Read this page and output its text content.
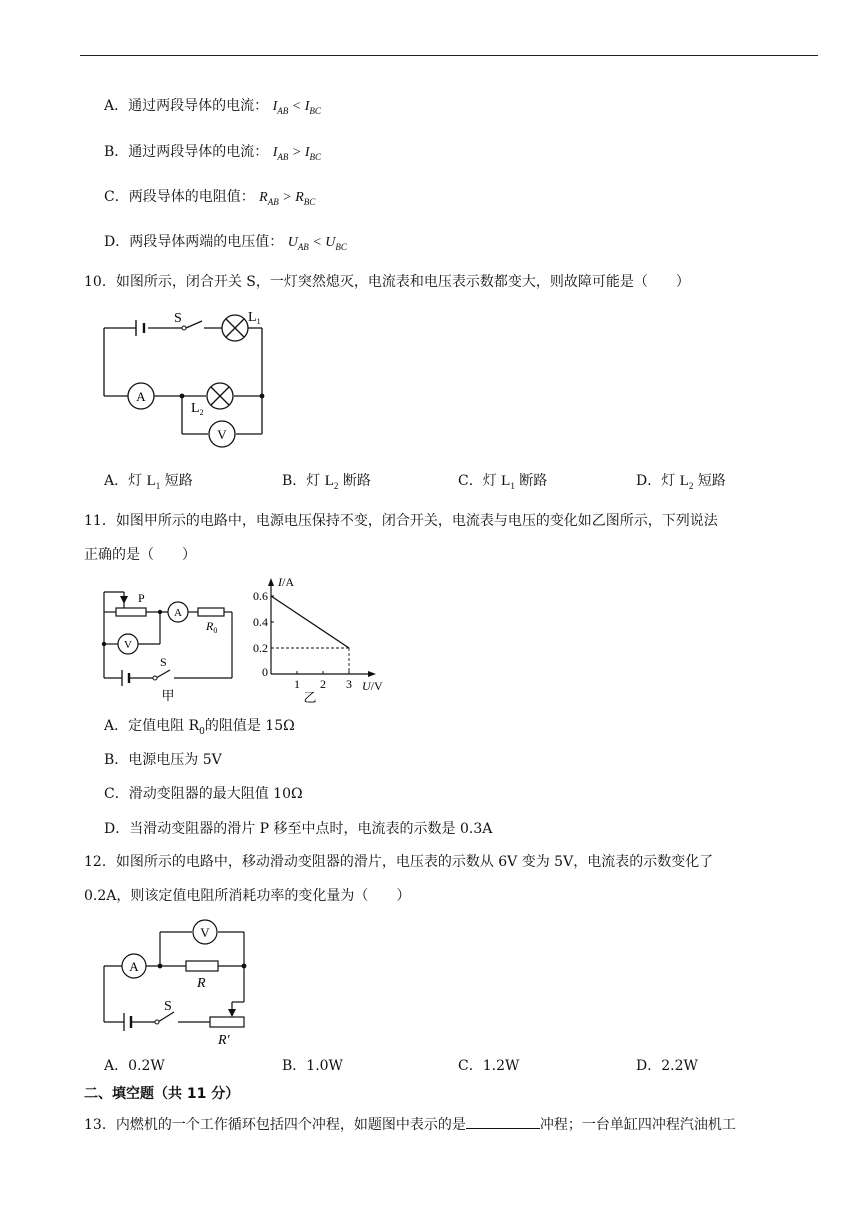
A．通过两段导体的电流： $I_{AB} < I_{BC}$
B．通过两段导体的电流： $I_{AB} > I_{BC}$
C．两段导体的电阻值： $R_{AB} > R_{BC}$
D．两段导体两端的电压值： $U_{AB} < U_{BC}$
10．如图所示，闭合开关 S，一灯突然熄灭，电流表和电压表示数都变大，则故障可能是（　　）
S	$L_1$
A
$L_2$
V
A．灯 $L_1$ 短路	B．灯 $L_2$ 断路	C．灯 $L_1$ 断路	D．灯 $L_2$ 短路
11．如图甲所示的电路中，电源电压保持不变，闭合开关，电流表与电压的变化如乙图所示，下列说法
正确的是（　　）
P
A
$R_0$
V
S
甲
I/A
U/V
0
1 2 3
0.2
0.4
0.6
乙
A．定值电阻 $R_0$的阻值是 15Ω
B．电源电压为 5V
C．滑动变阻器的最大阻值 10Ω
D．当滑动变阻器的滑片 P 移至中点时，电流表的示数是 0.3A
12．如图所示的电路中，移动滑动变阻器的滑片，电压表的示数从 6V 变为 5V，电流表的示数变化了
0.2A，则该定值电阻所消耗功率的变化量为（　　）
V
A
R
S
R′
A．0.2W	B．1.0W	C．1.2W	D．2.2W
二、填空题（共 11 分）
13．内燃机的一个工作循环包括四个冲程，如题图中表示的是	冲程；一台单缸四冲程汽油机工
